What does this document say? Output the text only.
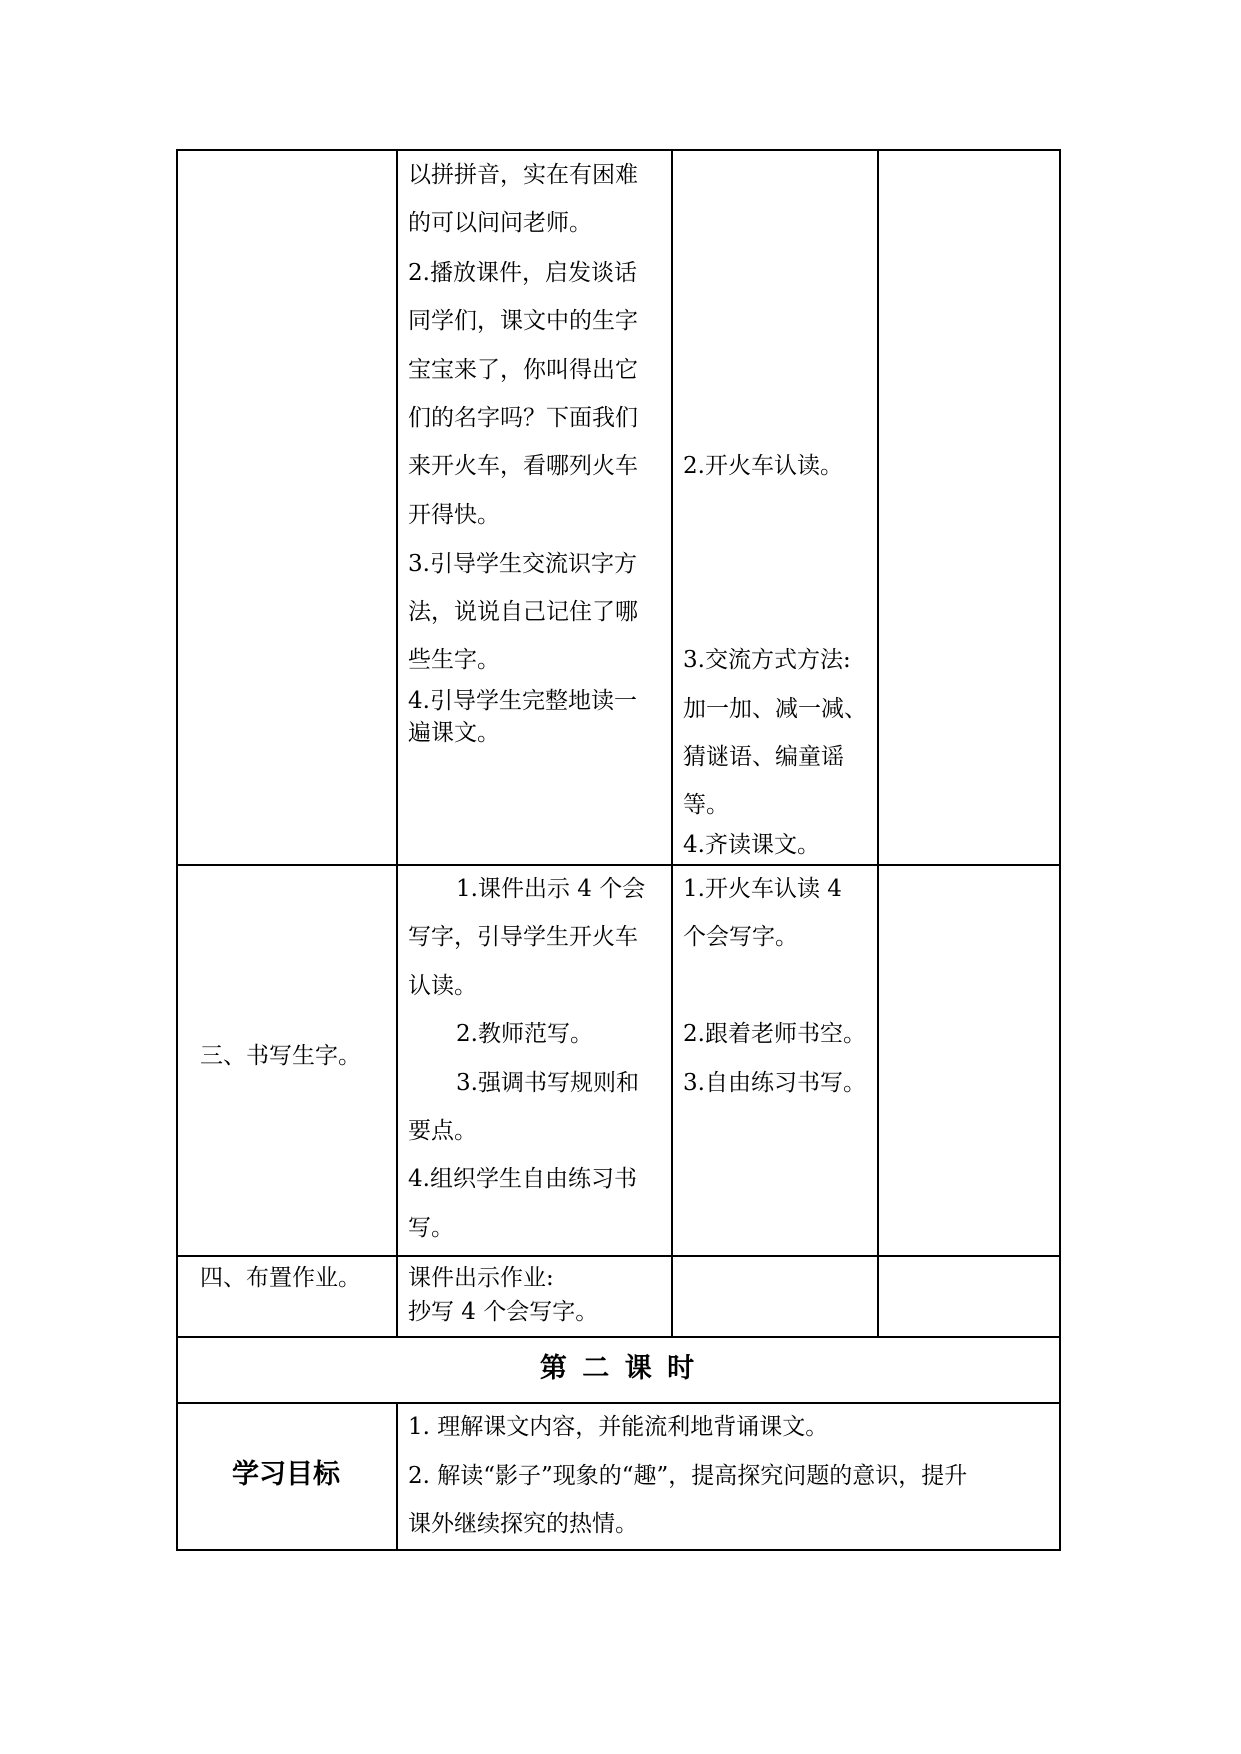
以拼拼音，实在有困难
的可以问问老师。
2.播放课件，启发谈话
同学们，课文中的生字
宝宝来了，你叫得出它
们的名字吗？下面我们
来开火车，看哪列火车
开得快。
3.引导学生交流识字方
法，说说自己记住了哪
些生字。
4.引导学生完整地读一
遍课文。
2.开火车认读。
3.交流方式方法:
加一加、减一减、
猜谜语、编童谣
等。
4.齐读课文。
三、书写生字。
1.课件出示 4 个会
写字，引导学生开火车
认读。
2.教师范写。
3.强调书写规则和
要点。
4.组织学生自由练习书
写。
1.开火车认读 4
个会写字。
2.跟着老师书空。
3.自由练习书写。
四、布置作业。 课件出示作业:
抄写 4 个会写字。
第 二 课 时
学习目标
1. 理解课文内容，并能流利地背诵课文。
2. 解读“影子”现象的“趣”，提高探究问题的意识，提升
课外继续探究的热情。
